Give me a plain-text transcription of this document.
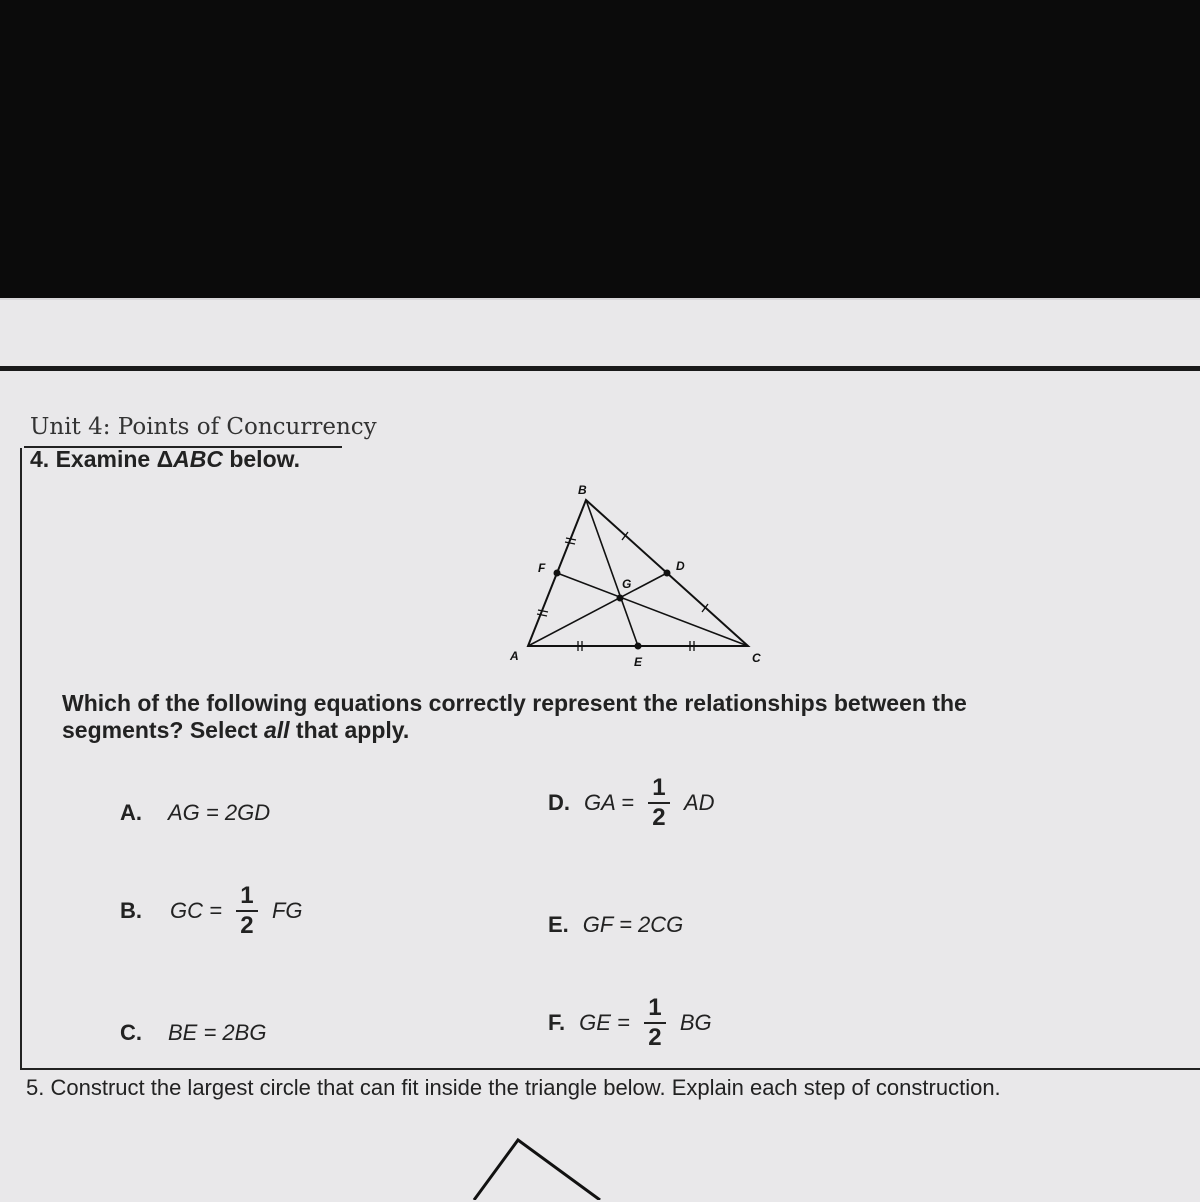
Unit 4: Points of Concurrency
4. Examine ΔABC below.
B
F	D
G
A	E	C
Which of the following equations correctly represent the relationships between the segments? Select all that apply.
A. AG = 2GD
B. GC = $\frac{1}{2}$ FG
C. BE = 2BG
D. GA = $\frac{1}{2}$ AD
E. GF = 2CG
F. GE = $\frac{1}{2}$ BG
5. Construct the largest circle that can fit inside the triangle below. Explain each step of construction.
